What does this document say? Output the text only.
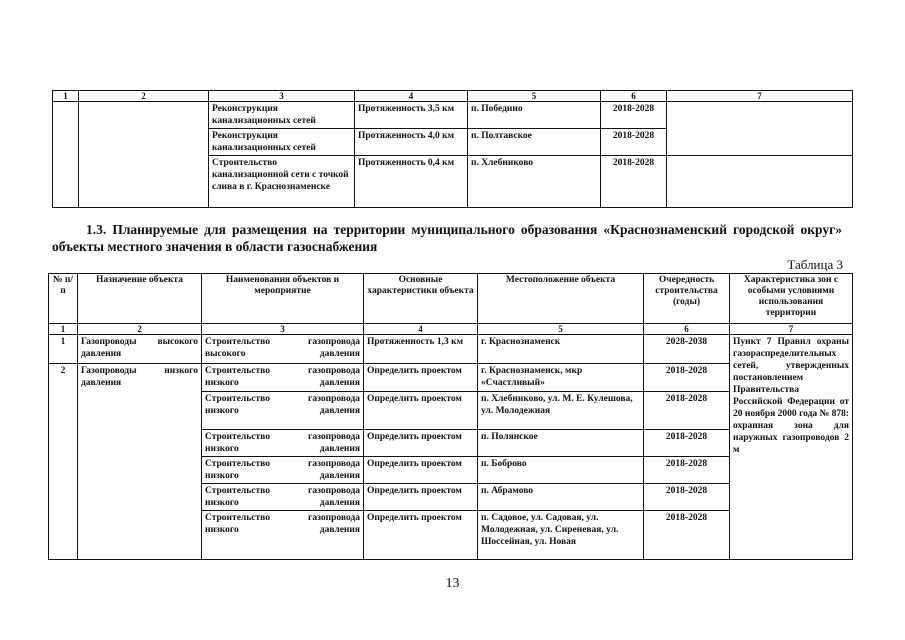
1	2	3	4	5	6	7
		Реконструкция канализационных сетей	Протяженность 3,5 км	п. Победино	2018-2028	
		Реконструкция канализационных сетей	Протяженность 4,0 км	п. Полтавское	2018-2028	
		Строительство канализационной сети с точкой слива в г. Краснознаменске	Протяженность 0,4 км	п. Хлебниково	2018-2028	
1.3. Планируемые для размещения на территории муниципального образования «Краснознаменский городской округ» объекты местного значения в области газоснабжения
Таблица 3
№ п/п	Назначение объекта	Наименования объектов и мероприятие	Основные характеристики объекта	Местоположение объекта	Очередность строительства (годы)	Характеристика зон с особыми условиями использования территории
1	2	3	4	5	6	7
1	Газопроводы высокого давления	Строительство газопровода высокого давления	Протяженность 1,3 км	г. Краснознаменск	2028-2038	Пункт 7 Правил охраны газораспределительных сетей, утвержденных постановлением Правительства Российской Федерации от 20 ноября 2000 года № 878: охранная зона для наружных газопроводов 2 м
2	Газопроводы низкого давления	Строительство газопровода низкого давления	Определить проектом	г. Краснознаменск, мкр «Счастливый»	2018-2028	
		Строительство газопровода низкого давления	Определить проектом	п. Хлебниково, ул. М. Е. Кулешова, ул. Молодежная	2018-2028	
		Строительство газопровода низкого давления	Определить проектом	п. Полянское	2018-2028	
		Строительство газопровода низкого давления	Определить проектом	п. Боброво	2018-2028	
		Строительство газопровода низкого давления	Определить проектом	п. Абрамово	2018-2028	
		Строительство газопровода низкого давления	Определить проектом	п. Садовое, ул. Садовая, ул. Молодежная, ул. Сиреневая, ул. Шоссейная, ул. Новая	2018-2028	
13
